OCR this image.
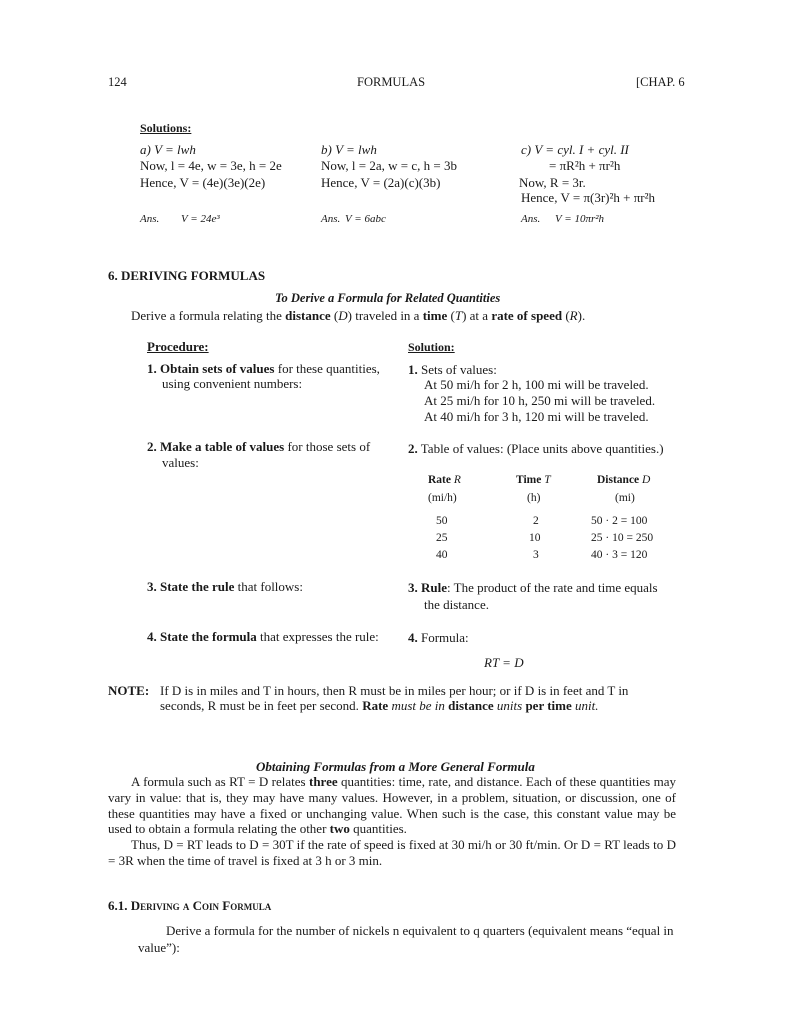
124	FORMULAS	[CHAP. 6
Solutions:
a) V = lwh
Now, l = 4e, w = 3e, h = 2e
Hence, V = (4e)(3e)(2e)
Ans. V = 24e³
b) V = lwh
Now, l = 2a, w = c, h = 3b
Hence, V = (2a)(c)(3b)
Ans. V = 6abc
c) V = cyl. I + cyl. II
= πR²h + πr²h
Now, R = 3r.
Hence, V = π(3r)²h + πr²h
Ans. V = 10πr²h
6. DERIVING FORMULAS
To Derive a Formula for Related Quantities
Derive a formula relating the distance (D) traveled in a time (T) at a rate of speed (R).
Procedure:	Solution:
1. Obtain sets of values for these quantities,
using convenient numbers:
1. Sets of values:
At 50 mi/h for 2 h, 100 mi will be traveled.
At 25 mi/h for 10 h, 250 mi will be traveled.
At 40 mi/h for 3 h, 120 mi will be traveled.
2. Make a table of values for those sets of
values:
2. Table of values: (Place units above quantities.)
Rate R	Time T	Distance D
(mi/h)	(h)	(mi)
50	2	50 · 2 = 100
25	10	25 · 10 = 250
40	3	40 · 3 = 120
3. State the rule that follows:	3. Rule: The product of the rate and time equals
the distance.
4. State the formula that expresses the rule: 4. Formula:
RT = D
NOTE: If D is in miles and T in hours, then R must be in miles per hour; or if D is in feet and T in
seconds, R must be in feet per second. Rate must be in distance units per time unit.
Obtaining Formulas from a More General Formula
A formula such as RT = D relates three quantities: time, rate, and distance. Each of these quantities may vary in value: that is, they may have many values. However, in a problem, situation, or discussion, one of these quantities may have a fixed or unchanging value. When such is the case, this constant value may be used to obtain a formula relating the other two quantities.
Thus, D = RT leads to D = 30T if the rate of speed is fixed at 30 mi/h or 30 ft/min. Or D = RT leads to D = 3R when the time of travel is fixed at 3 h or 3 min.
6.1. Deriving a Coin Formula
Derive a formula for the number of nickels n equivalent to q quarters (equivalent means “equal in value”):
